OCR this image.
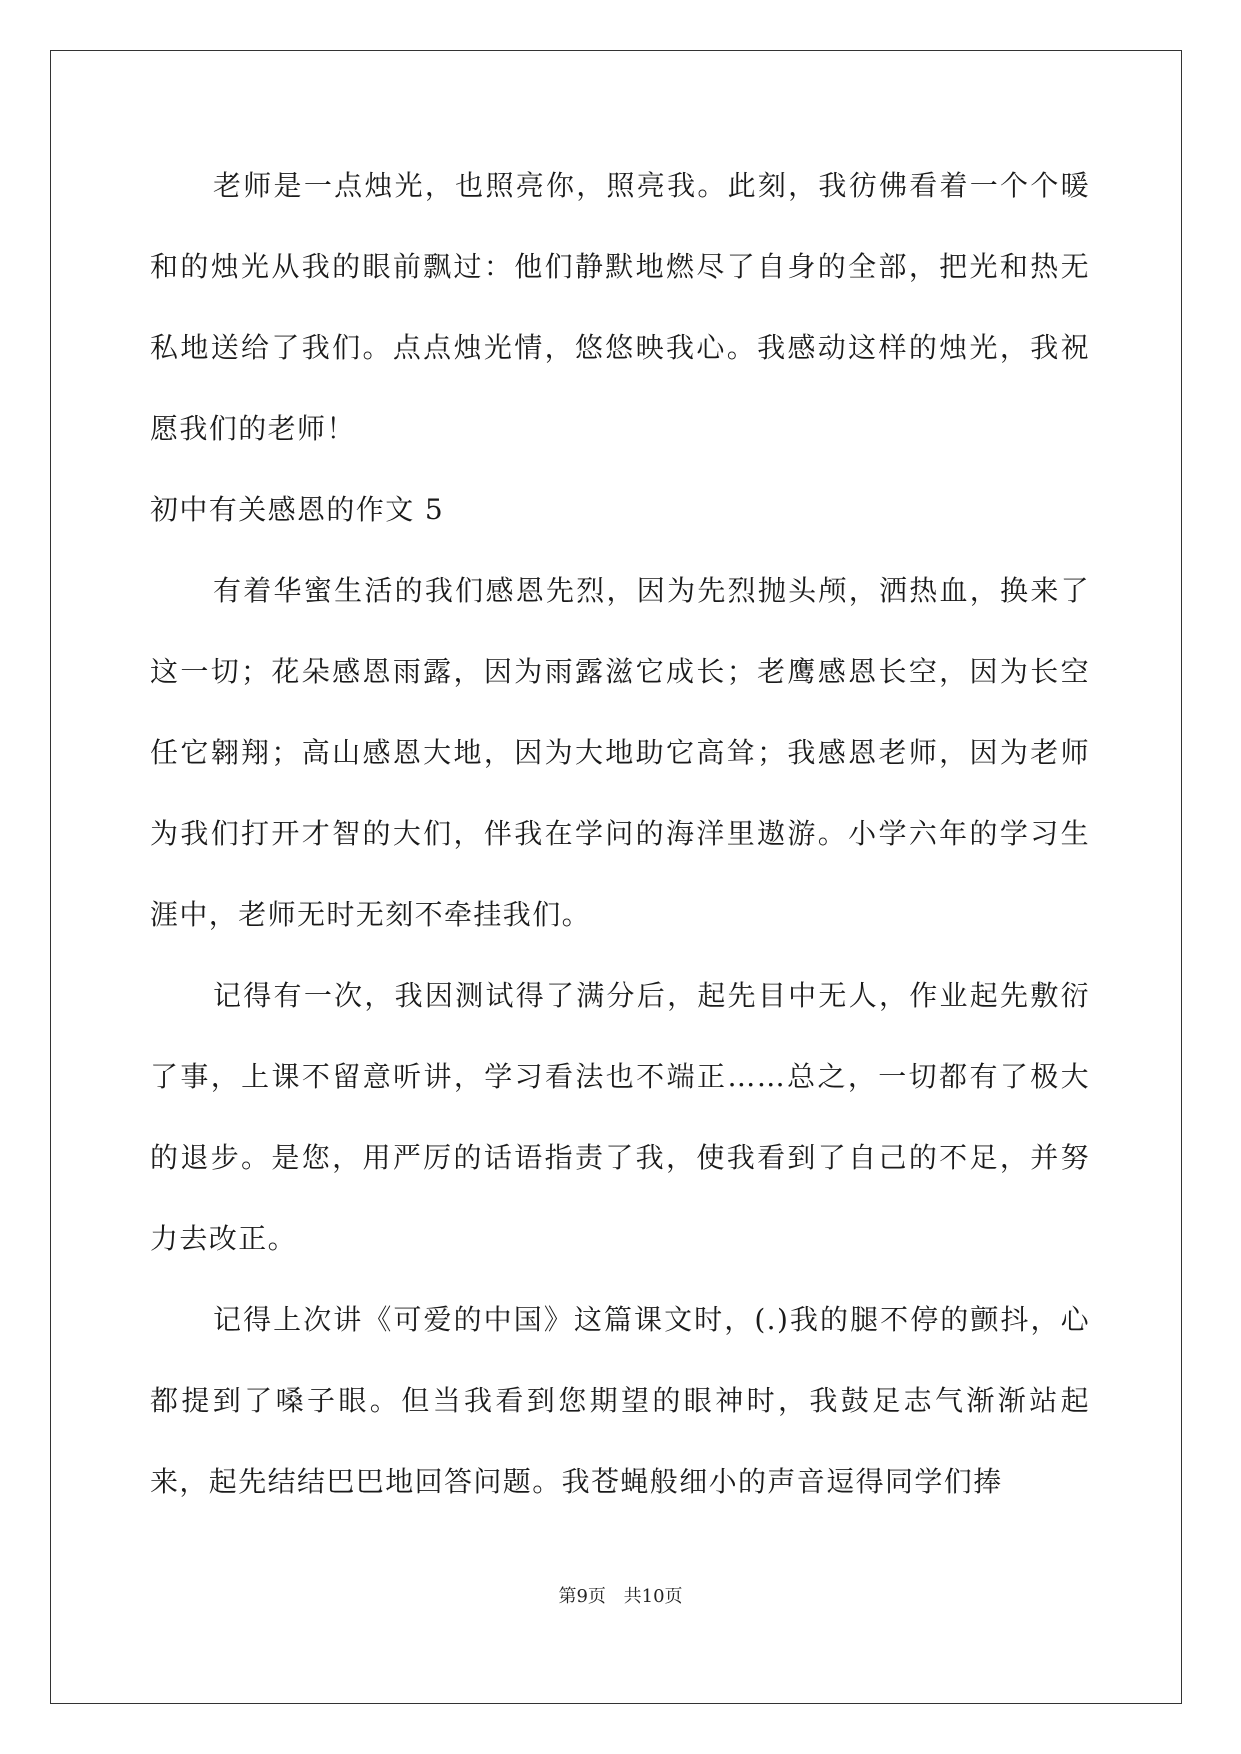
老师是一点烛光，也照亮你，照亮我。此刻，我彷佛看着一个个暖和的烛光从我的眼前飘过：他们静默地燃尽了自身的全部，把光和热无私地送给了我们。点点烛光情，悠悠映我心。我感动这样的烛光，我祝愿我们的老师！

初中有关感恩的作文 5

有着华蜜生活的我们感恩先烈，因为先烈抛头颅，洒热血，换来了这一切；花朵感恩雨露，因为雨露滋它成长；老鹰感恩长空，因为长空任它翱翔；高山感恩大地，因为大地助它高耸；我感恩老师，因为老师为我们打开才智的大们，伴我在学问的海洋里遨游。小学六年的学习生涯中，老师无时无刻不牵挂我们。

记得有一次，我因测试得了满分后，起先目中无人，作业起先敷衍了事，上课不留意听讲，学习看法也不端正……总之，一切都有了极大的退步。是您，用严厉的话语指责了我，使我看到了自己的不足，并努力去改正。

记得上次讲《可爱的中国》这篇课文时，(.)我的腿不停的颤抖，心都提到了嗓子眼。但当我看到您期望的眼神时，我鼓足志气渐渐站起来，起先结结巴巴地回答问题。我苍蝇般细小的声音逗得同学们捧

第9页 共10页
